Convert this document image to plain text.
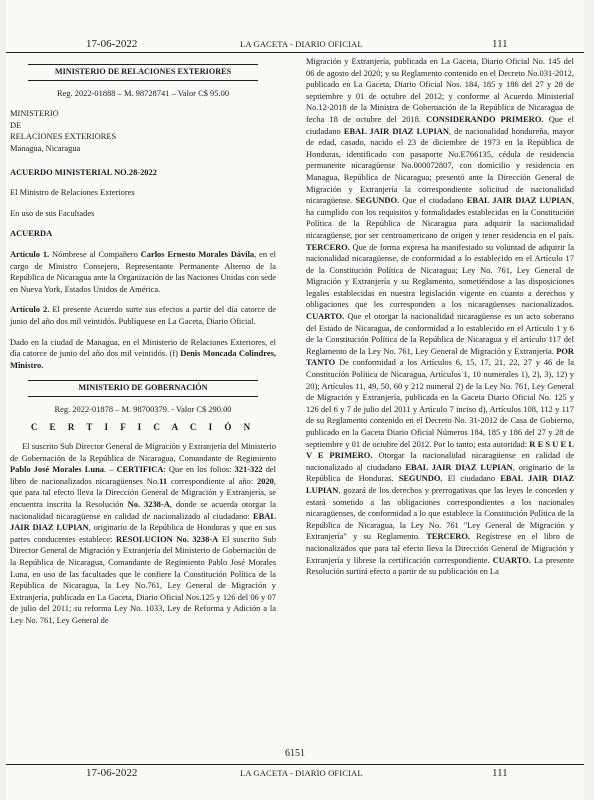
17-06-2022	LA GACETA - DIARIO OFICIAL	111
MINISTERIO DE RELACIONES EXTERIORES

Reg. 2022-01888 – M. 98728741 – Valor C$ 95.00

MINISTERIO

DE

RELACIONES EXTERIORES

Managua, Nicaragua

ACUERDO MINISTERIAL NO.28-2022

El Ministro de Relaciones Exteriores

En uso de sus Facultades

ACUERDA

Artículo 1. Nómbrese al Compañero Carlos Ernesto Morales Dávila, en el cargo de Ministro Consejero, Representante Permanente Alterno de la República de Nicaragua ante la Organización de las Naciones Unidas con sede en Nueva York, Estados Unidos de América.

Artículo 2. El presente Acuerdo surte sus efectos a partir del día catorce de junio del año dos mil veintidós. Publíquese en La Gaceta, Diario Oficial.

Dado en la ciudad de Managua, en el Ministerio de Relaciones Exteriores, el día catorce de junio del año dos mil veintidós. (f) Denis Moncada Colindres, Ministro.

MINISTERIO DE GOBERNACIÓN

Reg. 2022-01878 – M. 98700379. - Valor C$ 290.00

C E R T I F I C A C I Ó N

El suscrito Sub Director General de Migración y Extranjería del Ministerio de Gobernación de la República de Nicaragua, Comandante de Regimiento Pablo José Morales Luna. – CERTIFICA: Que en los folios: 321-322 del libro de nacionalizados nicaragüenses No.11 correspondiente al año: 2020, que para tal efecto lleva la Dirección General de Migración y Extranjería, se encuentra inscrita la Resolución No. 3238-A, donde se acuerda otorgar la nacionalidad nicaragüense en calidad de nacionalizado al ciudadano: EBAL JAIR DIAZ LUPIAN, originario de la República de Honduras y que en sus partes conducentes establece: RESOLUCION No. 3238-A El suscrito Sub Director General de Migración y Extranjería del Ministerio de Gobernación de la República de Nicaragua, Comandante de Regimiento Pablo José Morales Luna, en uso de las facultades que le confiere la Constitución Política de la República de Nicaragua, la Ley No.761, Ley General de Migración y Extranjería, publicada en La Gaceta, Diario Oficial Nos.125 y 126 del 06 y 07 de julio del 2011; su reforma Ley No. 1033, Ley de Reforma y Adición a la Ley No. 761, Ley General de

Migración y Extranjería, publicada en La Gaceta, Diario Oficial No. 145 del 06 de agosto del 2020; y su Reglamento contenido en el Decreto No.031-2012, publicado en La Gaceta, Diario Oficial Nos. 184, 185 y 186 del 27 y 28 de septiembre y 01 de octubre del 2012; y conforme al Acuerdo Ministerial No.12-2018 de la Ministra de Gobernación de la República de Nicaragua de fecha 18 de octubre del 2018. CONSIDERANDO PRIMERO. Que el ciudadano EBAL JAIR DIAZ LUPIAN, de nacionalidad hondureña, mayor de edad, casado, nacido el 23 de diciembre de 1973 en la República de Honduras, identificado con pasaporte No.E766135, cédula de residencia permanente nicaragüense No.000072807, con domicilio y residencia en Managua, República de Nicaragua; presentó ante la Dirección General de Migración y Extranjería la correspondiente solicitud de nacionalidad nicaragüense. SEGUNDO. Que el ciudadano EBAL JAIR DIAZ LUPIAN, ha cumplido con los requisitos y formalidades establecidas en la Constitución Política de la República de Nicaragua para adquirir la nacionalidad nicaragüense, por ser centroamericano de origen y tener residencia en el país. TERCERO. Que de forma expresa ha manifestado su voluntad de adquirir la nacionalidad nicaragüense, de conformidad a lo establecido en el Artículo 17 de la Constitución Política de Nicaragua; Ley No. 761, Ley General de Migración y Extranjería y su Reglamento, sometiéndose a las disposiciones legales establecidas en nuestra legislación vigente en cuanto a derechos y obligaciones que les corresponden a los nicaragüenses nacionalizados. CUARTO. Que el otorgar la nacionalidad nicaragüense es un acto soberano del Estado de Nicaragua, de conformidad a lo establecido en el Artículo 1 y 6 de la Constitución Política de la República de Nicaragua y el artículo 117 del Reglamento de la Ley No. 761, Ley General de Migración y Extranjería. POR TANTO De conformidad a los Artículos 6, 15, 17, 21, 22, 27 y 46 de la Constitución Política de Nicaragua, Artículos 1, 10 numerales 1), 2), 3), 12) y 20); Artículos 11, 49, 50, 60 y 212 numeral 2) de la Ley No. 761, Ley General de Migración y Extranjería, publicada en la Gaceta Diario Oficial No. 125 y 126 del 6 y 7 de julio del 2011 y Artículo 7 inciso d), Artículos 108, 112 y 117 de su Reglamento contenido en el Decreto No. 31-2012 de Casa de Gobierno, publicado en la Gaceta Diario Oficial Números 184, 185 y 186 del 27 y 28 de septiembre y 01 de octubre del 2012. Por lo tanto; esta autoridad: R E S U E L V E PRIMERO. Otorgar la nacionalidad nicaragüense en calidad de nacionalizado al ciudadano EBAL JAIR DIAZ LUPIAN, originario de la República de Honduras. SEGUNDO. El ciudadano EBAL JAIR DIAZ LUPIAN, gozará de los derechos y prerrogativas que las leyes le conceden y estará sometido a las obligaciones correspondientes a los nacionales nicaragüenses, de conformidad a lo que establece la Constitución Política de la República de Nicaragua, la Ley No. 761 "Ley General de Migración y Extranjería" y su Reglamento. TERCERO. Regístrese en el libro de nacionalizados que para tal efecto lleva la Dirección General de Migración y Extranjería y líbrese la certificación correspondiente. CUARTO. La presente Resolución surtirá efecto a partir de su publicación en La

6151
17-06-2022	LA GACETA - DIARIO OFICIAL	111
